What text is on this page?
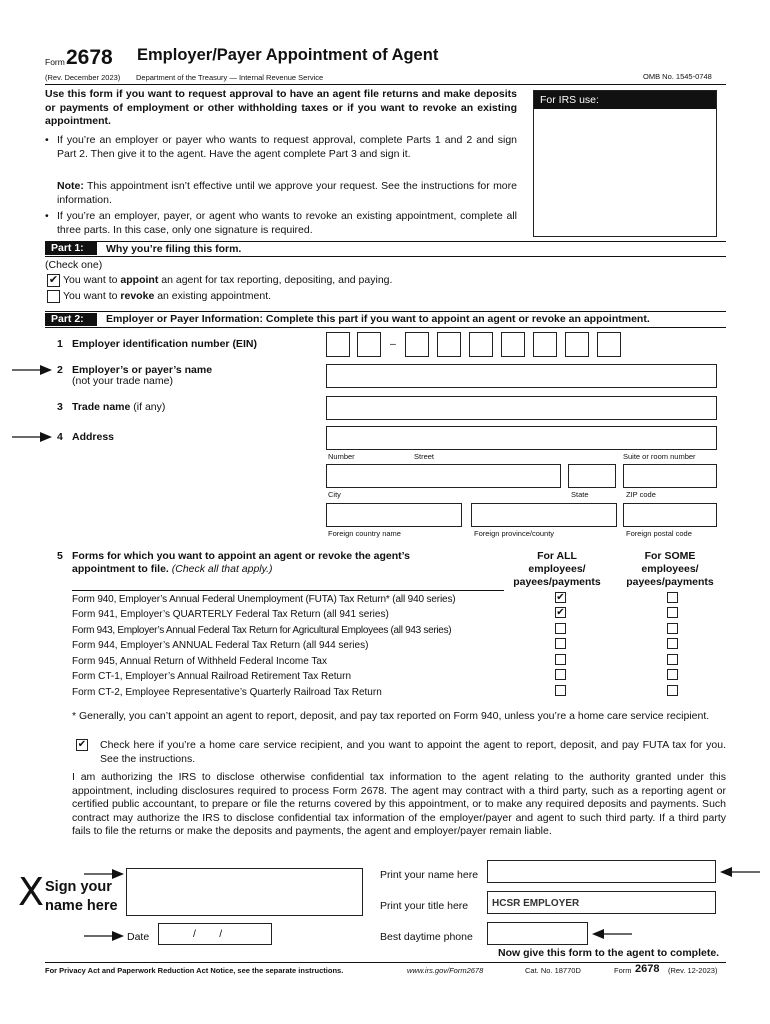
Form 2678 Employer/Payer Appointment of Agent
(Rev. December 2023) Department of the Treasury — Internal Revenue Service	OMB No. 1545-0748
For IRS use:
Use this form if you want to request approval to have an agent file returns and make deposits or payments of employment or other withholding taxes or if you want to revoke an existing appointment.
• If you’re an employer or payer who wants to request approval, complete Parts 1 and 2 and sign Part 2. Then give it to the agent. Have the agent complete Part 3 and sign it.
Note: This appointment isn’t effective until we approve your request. See the instructions for more information.
• If you’re an employer, payer, or agent who wants to revoke an existing appointment, complete all three parts. In this case, only one signature is required.
Part 1:	Why you’re filing this form.
(Check one)
✔ You want to appoint an agent for tax reporting, depositing, and paying.
You want to revoke an existing appointment.
Part 2:	Employer or Payer Information: Complete this part if you want to appoint an agent or revoke an appointment.
1 Employer identification number (EIN)	–
2 Employer’s or payer’s name
(not your trade name)
3 Trade name (if any)
4 Address
Number	Street	Suite or room number
City	State	ZIP code
Foreign country name	Foreign province/county	Foreign postal code
5 Forms for which you want to appoint an agent or revoke the agent’s
appointment to file. (Check all that apply.)
For ALL
employees/
payees/payments
For SOME
employees/
payees/payments
Form 940, Employer’s Annual Federal Unemployment (FUTA) Tax Return* (all 940 series)	✔
Form 941, Employer’s QUARTERLY Federal Tax Return (all 941 series)	✔
Form 943, Employer’s Annual Federal Tax Return for Agricultural Employees (all 943 series)
Form 944, Employer’s ANNUAL Federal Tax Return (all 944 series)
Form 945, Annual Return of Withheld Federal Income Tax
Form CT-1, Employer’s Annual Railroad Retirement Tax Return
Form CT-2, Employee Representative’s Quarterly Railroad Tax Return
* Generally, you can’t appoint an agent to report, deposit, and pay tax reported on Form 940, unless you’re a home care service recipient.
✔ Check here if you’re a home care service recipient, and you want to appoint the agent to report, deposit, and pay FUTA tax for you. See the instructions.
I am authorizing the IRS to disclose otherwise confidential tax information to the agent relating to the authority granted under this appointment, including disclosures required to process Form 2678. The agent may contract with a third party, such as a reporting agent or certified public accountant, to prepare or file the returns covered by this appointment, or to make any required deposits and payments. Such contract may authorize the IRS to disclose confidential tax information of the employer/payer and agent to such third party. If a third party fails to file the returns or make the deposits and payments, the agent and employer/payer remain liable.
X Sign your
name here
Date	/        /
Print your name here
Print your title here HCSR EMPLOYER
Best daytime phone
Now give this form to the agent to complete.
For Privacy Act and Paperwork Reduction Act Notice, see the separate instructions.	www.irs.gov/Form2678	Cat. No. 18770D	Form 2678 (Rev. 12-2023)
